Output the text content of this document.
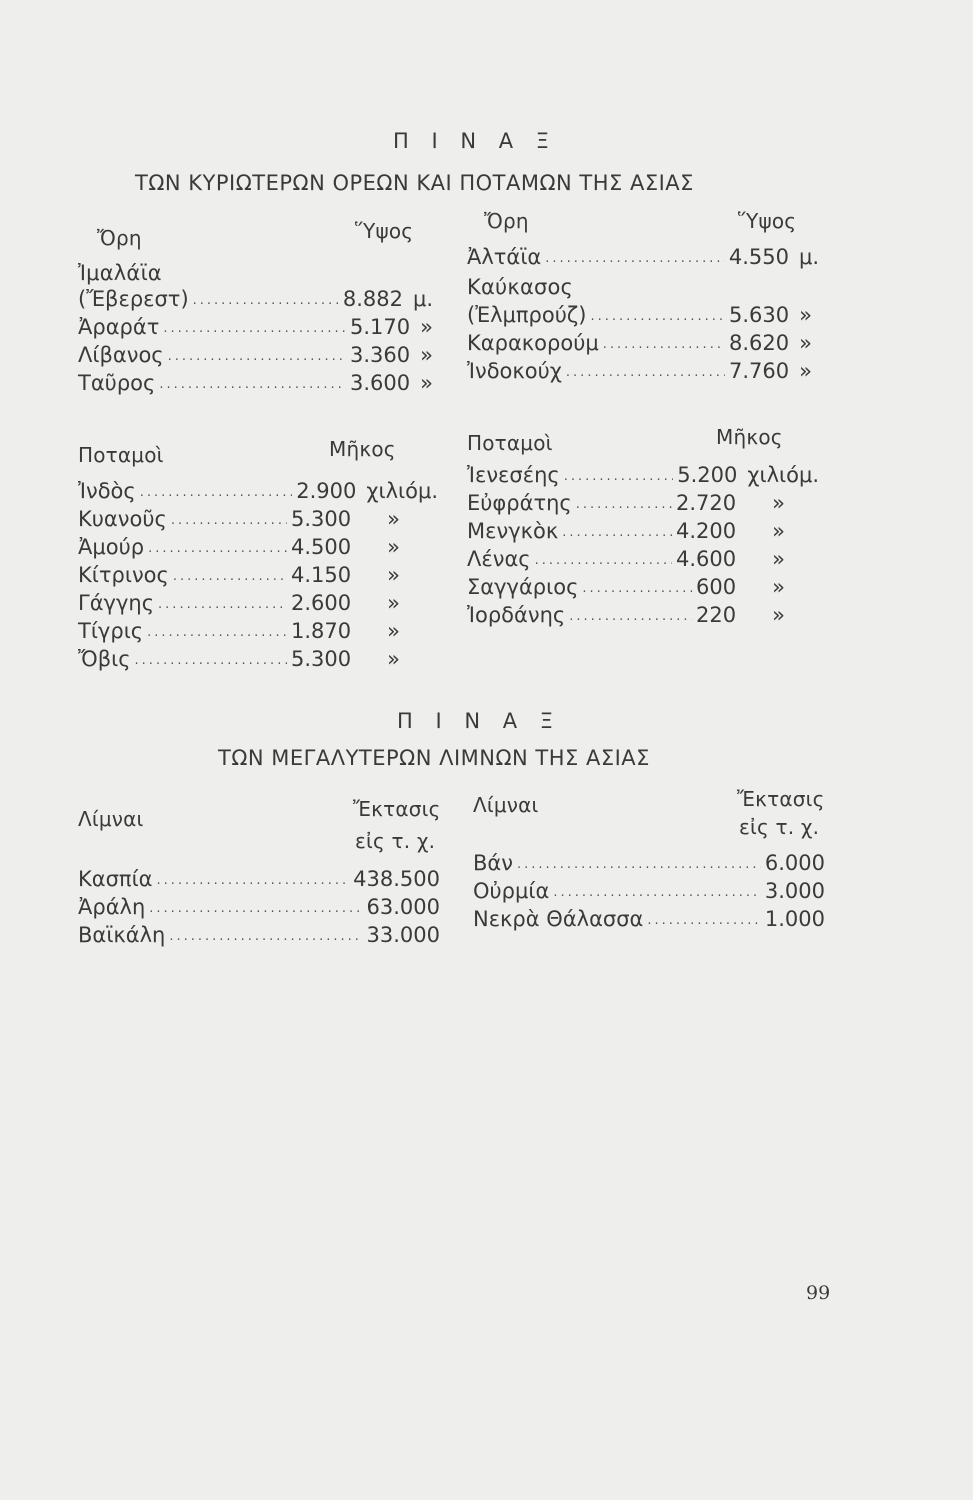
Π Ι Ν Α Ξ
ΤΩΝ ΚΥΡΙΩΤΕΡΩΝ ΟΡΕΩΝ ΚΑΙ ΠΟΤΑΜΩΝ ΤΗΣ ΑΣΙΑΣ
Ὄρη	Ὕψος
Ἰμαλάϊα
(Ἔβερεστ) .....	8.882 μ.
Ἀραράτ .....	5.170 »
Λίβανος .....	3.360 »
Ταῦρος .....	3.600 »
Ὄρη	Ὕψος
Ἀλτάϊα .....	4.550 μ.
Καύκασος
(Ἐλμπρούζ) .....	5.630 »
Καρακορούμ .....	8.620 »
Ἰνδοκούχ .....	7.760 »
Ποταμοὶ	Μῆκος
Ἰνδὸς .....	2.900 χιλιόμ.
Κυανοῦς .....	5.300 »
Ἀμούρ .....	4.500 »
Κίτρινος .....	4.150 »
Γάγγης .....	2.600 »
Τίγρις .....	1.870 »
Ὄβις .....	5.300 »
Ποταμοὶ	Μῆκος
Ἰενεσέης .....	5.200 χιλιόμ.
Εὐφράτης .....	2.720 »
Μενγκὸκ .....	4.200 »
Λένας .....	4.600 »
Σαγγάριος .....	600 »
Ἰορδάνης .....	220 »
Π Ι Ν Α Ξ
ΤΩΝ ΜΕΓΑΛΥΤΕΡΩΝ ΛΙΜΝΩΝ ΤΗΣ ΑΣΙΑΣ
Λίμναι	Ἔκτασις
εἰς τ. χ.
Κασπία .....	438.500
Ἀράλη .....	63.000
Βαϊκάλη .....	33.000
Λίμναι	Ἔκτασις
εἰς τ. χ.
Βάν .....	6.000
Οὐρμία .....	3.000
Νεκρὰ Θάλασσα .....	1.000
99
